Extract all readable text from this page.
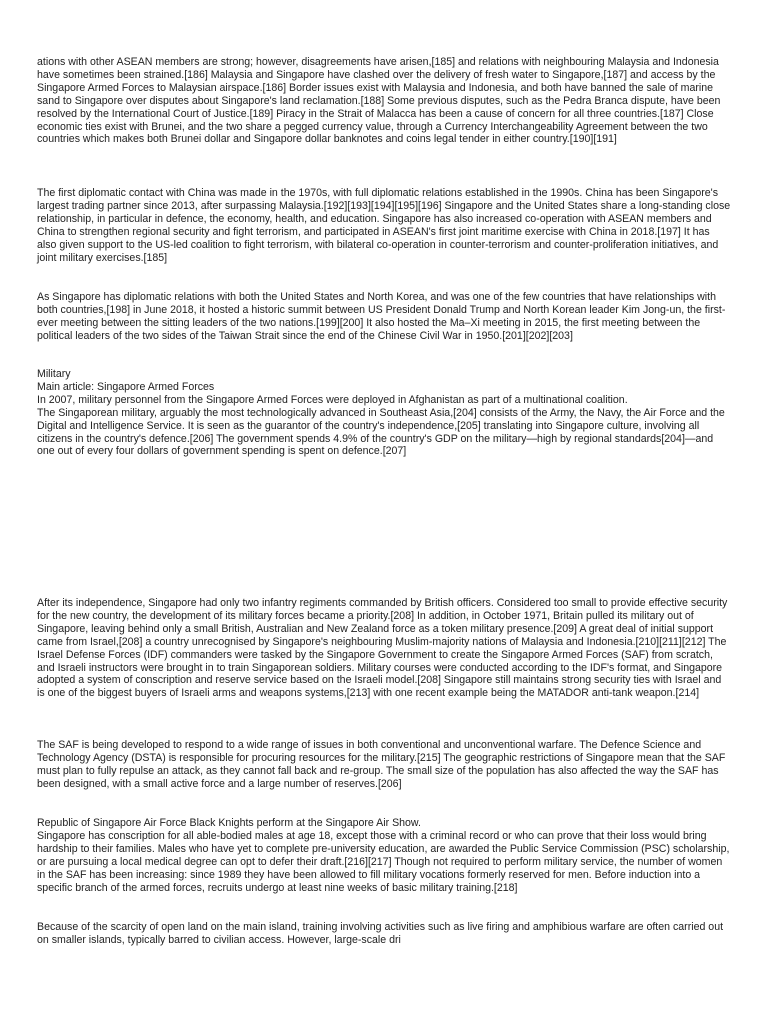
ations with other ASEAN members are strong; however, disagreements have arisen,[185] and relations with neighbouring Malaysia and Indonesia have sometimes been strained.[186] Malaysia and Singapore have clashed over the delivery of fresh water to Singapore,[187] and access by the Singapore Armed Forces to Malaysian airspace.[186] Border issues exist with Malaysia and Indonesia, and both have banned the sale of marine sand to Singapore over disputes about Singapore's land reclamation.[188] Some previous disputes, such as the Pedra Branca dispute, have been resolved by the International Court of Justice.[189] Piracy in the Strait of Malacca has been a cause of concern for all three countries.[187] Close economic ties exist with Brunei, and the two share a pegged currency value, through a Currency Interchangeability Agreement between the two countries which makes both Brunei dollar and Singapore dollar banknotes and coins legal tender in either country.[190][191]

The first diplomatic contact with China was made in the 1970s, with full diplomatic relations established in the 1990s. China has been Singapore's largest trading partner since 2013, after surpassing Malaysia.[192][193][194][195][196] Singapore and the United States share a long-standing close relationship, in particular in defence, the economy, health, and education. Singapore has also increased co-operation with ASEAN members and China to strengthen regional security and fight terrorism, and participated in ASEAN's first joint maritime exercise with China in 2018.[197] It has also given support to the US-led coalition to fight terrorism, with bilateral co-operation in counter-terrorism and counter-proliferation initiatives, and joint military exercises.[185]

As Singapore has diplomatic relations with both the United States and North Korea, and was one of the few countries that have relationships with both countries,[198] in June 2018, it hosted a historic summit between US President Donald Trump and North Korean leader Kim Jong-un, the first-ever meeting between the sitting leaders of the two nations.[199][200] It also hosted the Ma–Xi meeting in 2015, the first meeting between the political leaders of the two sides of the Taiwan Strait since the end of the Chinese Civil War in 1950.[201][202][203]

Military
Main article: Singapore Armed Forces
In 2007, military personnel from the Singapore Armed Forces were deployed in Afghanistan as part of a multinational coalition.

The Singaporean military, arguably the most technologically advanced in Southeast Asia,[204] consists of the Army, the Navy, the Air Force and the Digital and Intelligence Service. It is seen as the guarantor of the country's independence,[205] translating into Singapore culture, involving all citizens in the country's defence.[206] The government spends 4.9% of the country's GDP on the military—high by regional standards[204]—and one out of every four dollars of government spending is spent on defence.[207]

After its independence, Singapore had only two infantry regiments commanded by British officers. Considered too small to provide effective security for the new country, the development of its military forces became a priority.[208] In addition, in October 1971, Britain pulled its military out of Singapore, leaving behind only a small British, Australian and New Zealand force as a token military presence.[209] A great deal of initial support came from Israel,[208] a country unrecognised by Singapore's neighbouring Muslim-majority nations of Malaysia and Indonesia.[210][211][212] The Israel Defense Forces (IDF) commanders were tasked by the Singapore Government to create the Singapore Armed Forces (SAF) from scratch, and Israeli instructors were brought in to train Singaporean soldiers. Military courses were conducted according to the IDF's format, and Singapore adopted a system of conscription and reserve service based on the Israeli model.[208] Singapore still maintains strong security ties with Israel and is one of the biggest buyers of Israeli arms and weapons systems,[213] with one recent example being the MATADOR anti-tank weapon.[214]

The SAF is being developed to respond to a wide range of issues in both conventional and unconventional warfare. The Defence Science and Technology Agency (DSTA) is responsible for procuring resources for the military.[215] The geographic restrictions of Singapore mean that the SAF must plan to fully repulse an attack, as they cannot fall back and re-group. The small size of the population has also affected the way the SAF has been designed, with a small active force and a large number of reserves.[206]

Republic of Singapore Air Force Black Knights perform at the Singapore Air Show.

Singapore has conscription for all able-bodied males at age 18, except those with a criminal record or who can prove that their loss would bring hardship to their families. Males who have yet to complete pre-university education, are awarded the Public Service Commission (PSC) scholarship, or are pursuing a local medical degree can opt to defer their draft.[216][217] Though not required to perform military service, the number of women in the SAF has been increasing: since 1989 they have been allowed to fill military vocations formerly reserved for men. Before induction into a specific branch of the armed forces, recruits undergo at least nine weeks of basic military training.[218]

Because of the scarcity of open land on the main island, training involving activities such as live firing and amphibious warfare are often carried out on smaller islands, typically barred to civilian access. However, large-scale dri
